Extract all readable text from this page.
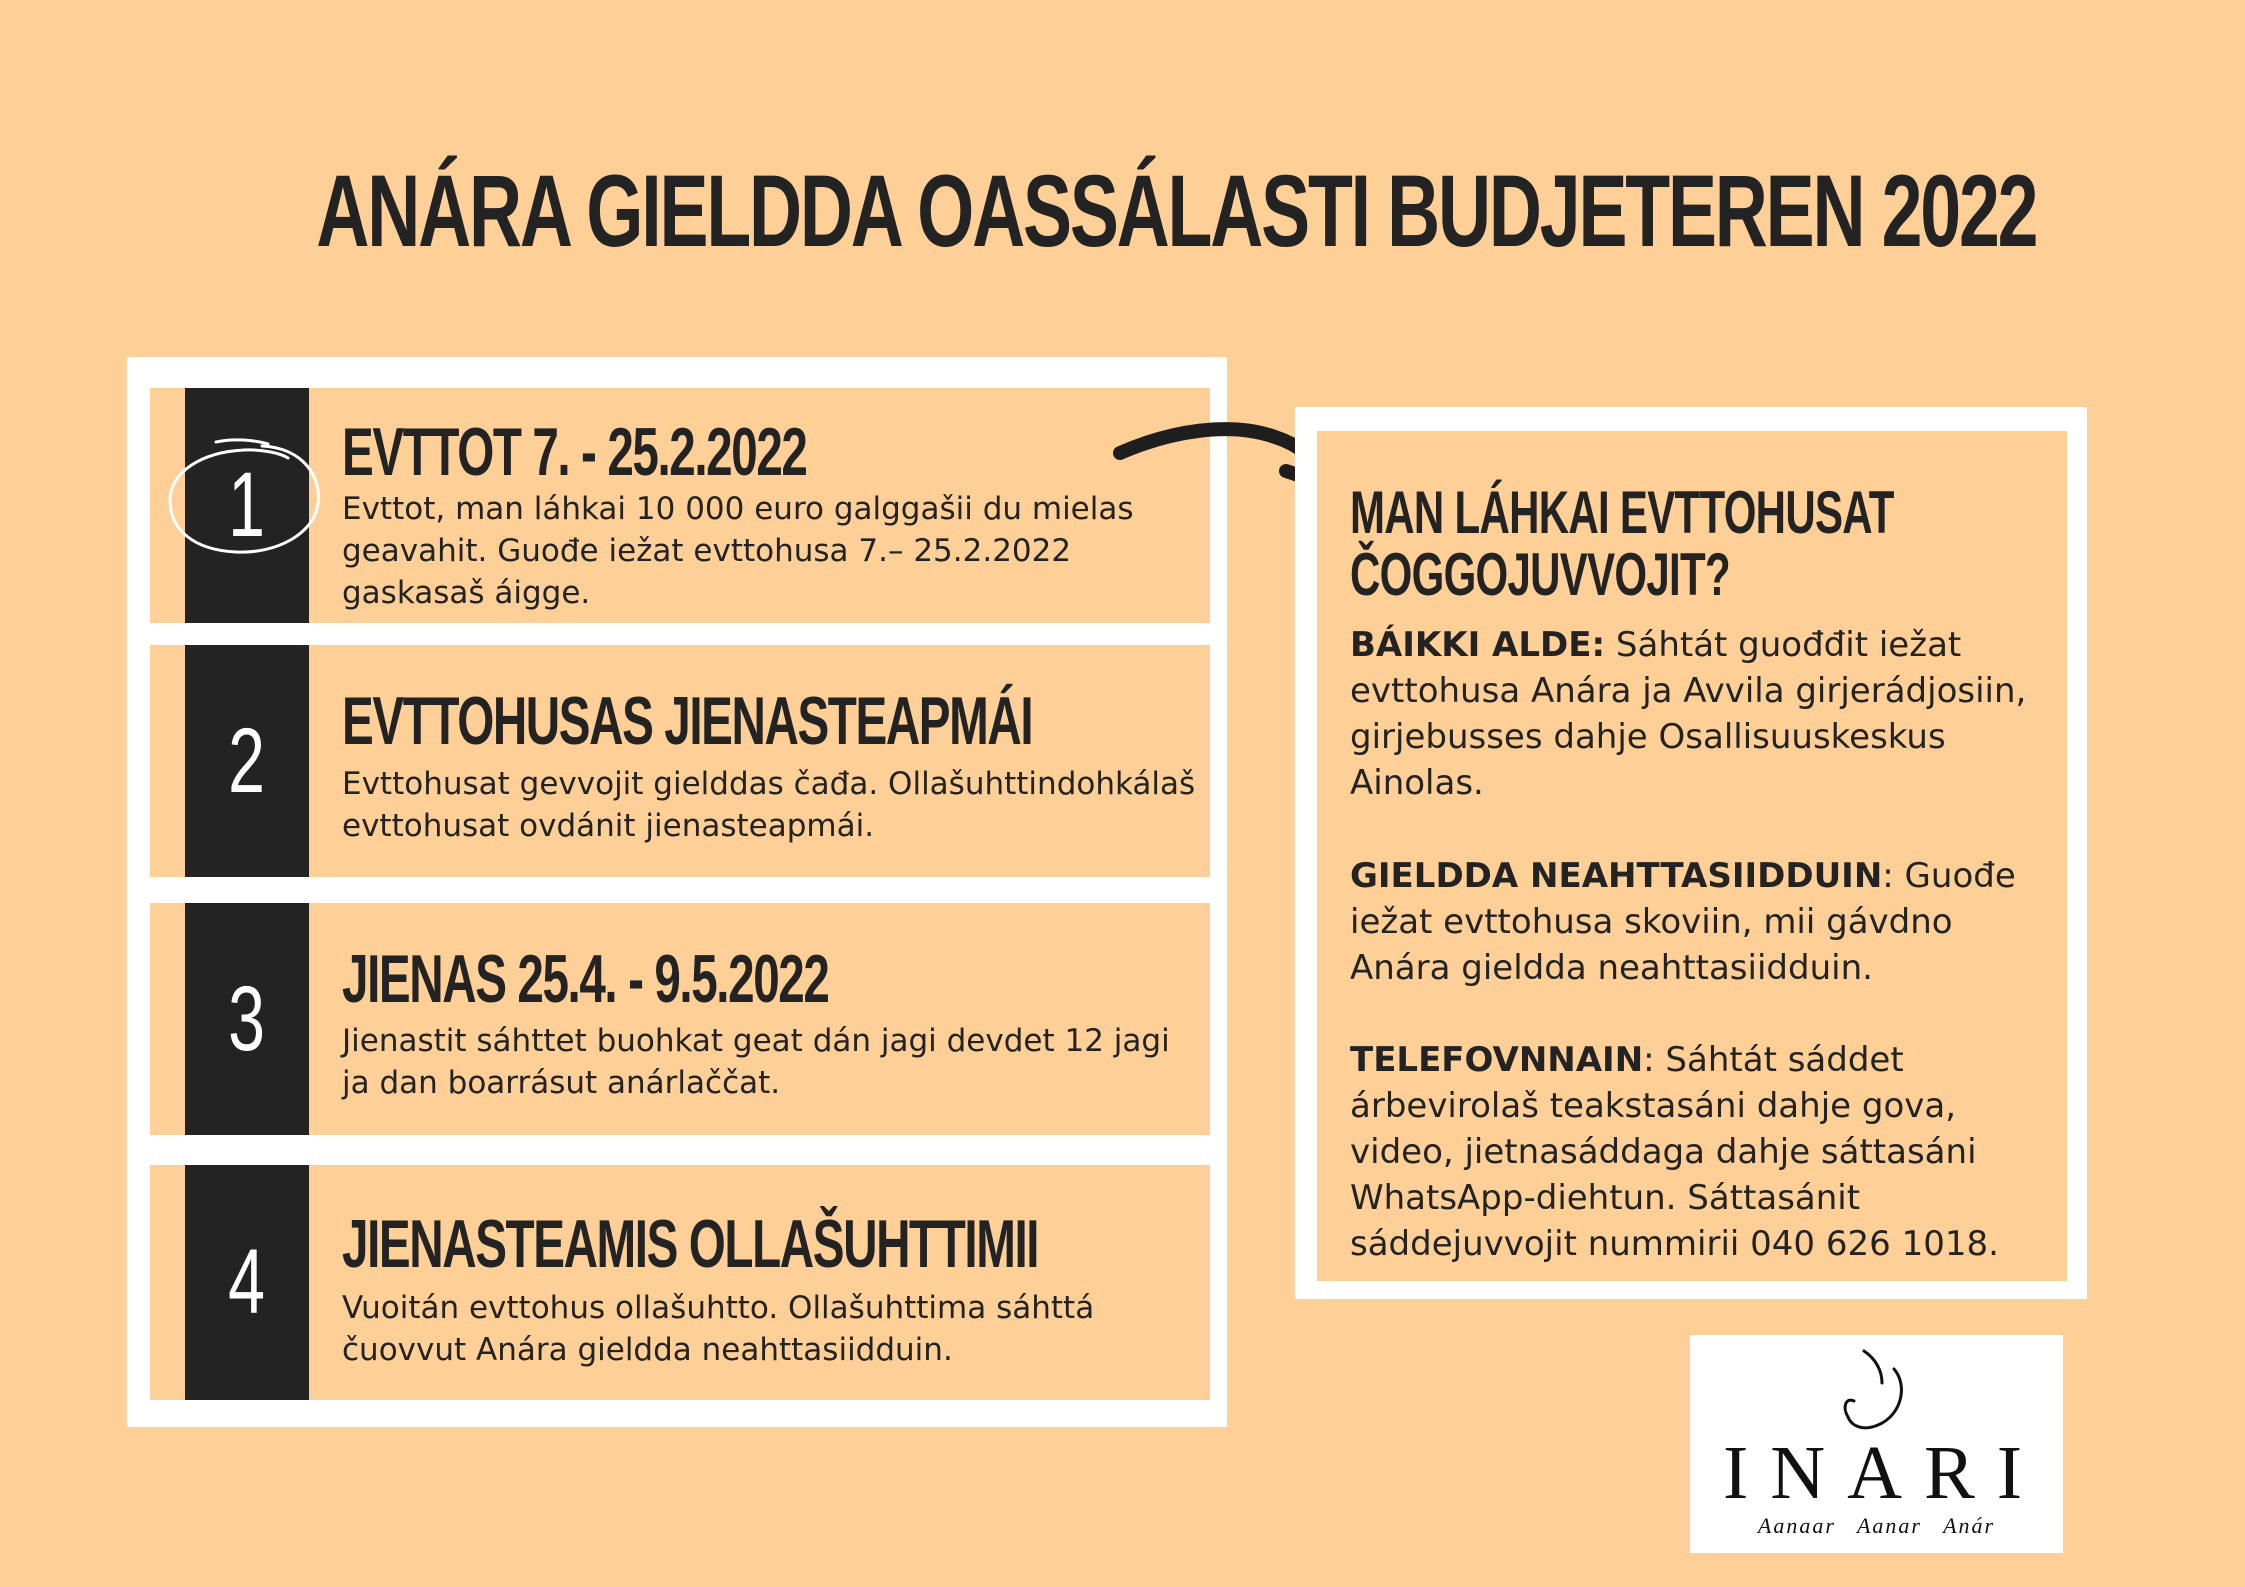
ANÁRA GIELDDA OASSÁLASTI BUDJETEREN 2022
1
EVTTOT 7. - 25.2.2022
Evttot, man láhkai 10 000 euro galggašii du mielas geavahit. Guođe iežat evttohusa 7.– 25.2.2022 gaskasaš áigge.
2 EVTTOHUSAS JIENASTEAPMÁI
Evttohusat gevvojit gielddas čađa. Ollašuhttindohkálaš evttohusat ovdánit jienasteapmái.
3 JIENAS 25.4. - 9.5.2022
Jienastit sáhttet buohkat geat dán jagi devdet 12 jagi ja dan boarrásut anárlaččat.
4 JIENASTEAMIS OLLAŠUHTTIMII
Vuoitán evttohus ollašuhtto. Ollašuhttima sáhttá čuovvut Anára gieldda neahttasiidduin.
MAN LÁHKAI EVTTOHUSAT
ČOGGOJUVVOJIT?

BÁIKKI ALDE: Sáhtát guođđit iežat evttohusa Anára ja Avvila girjerádjosiin, girjebusses dahje Osallisuuskeskus Ainolas.

GIELDDA NEAHTTASIIDDUIN: Guođe iežat evttohusa skoviin, mii gávdno Anára gieldda neahttasiidduin.

TELEFOVNNAIN: Sáhtát sáddet árbevirolaš teakstasáni dahje gova, video, jietnasáddaga dahje sáttasáni WhatsApp-diehtun. Sáttasánit sáddejuvvojit nummirii 040 626 1018.

INARI
Aanaar Aanar Anár
